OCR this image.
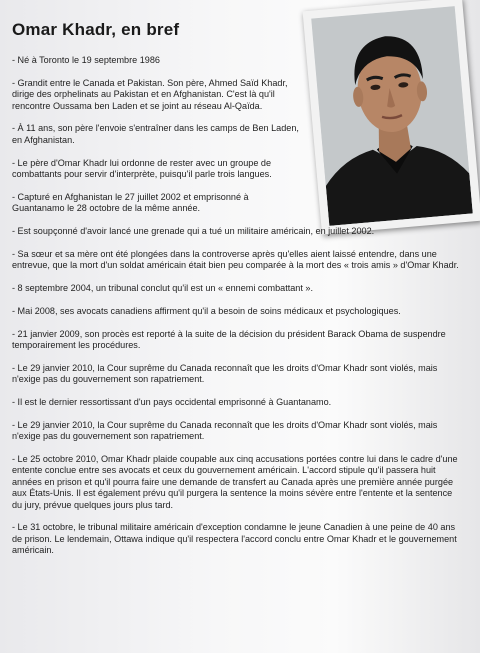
Omar Khadr, en bref
- Né à Toronto le 19 septembre 1986
- Grandit entre le Canada et Pakistan. Son père, Ahmed Saïd Khadr, dirige des orphelinats au Pakistan et en Afghanistan. C'est là qu'il rencontre Oussama ben Laden et se joint au réseau Al-Qaïda.
- À 11 ans, son père l'envoie s'entraîner dans les camps de Ben Laden, en Afghanistan.
- Le père d'Omar Khadr lui ordonne de rester avec un groupe de combattants pour servir d'interprète, puisqu'il parle trois langues.
- Capturé en Afghanistan le 27 juillet 2002 et emprisonné à Guantanamo le 28 octobre de la même année.
- Est soupçonné d'avoir lancé une grenade qui a tué un militaire américain, en juillet 2002.
- Sa sœur et sa mère ont été plongées dans la controverse après qu'elles aient laissé entendre, dans une entrevue, que la mort d'un soldat américain était bien peu comparée à la mort des « trois amis » d'Omar Khadr.
- 8 septembre 2004, un tribunal conclut qu'il est un « ennemi combattant ».
- Mai 2008, ses avocats canadiens affirment qu'il a besoin de soins médicaux et psychologiques.
- 21 janvier 2009, son procès est reporté à la suite de la décision du président Barack Obama de suspendre temporairement les procédures.
- Le 29 janvier 2010, la Cour suprême du Canada reconnaît que les droits d'Omar Khadr sont violés, mais n'exige pas du gouvernement son rapatriement.
- Il est le dernier ressortissant d'un pays occidental emprisonné à Guantanamo.
- Le 29 janvier 2010, la Cour suprême du Canada reconnaît que les droits d'Omar Khadr sont violés, mais n'exige pas du gouvernement son rapatriement.
- Le 25 octobre 2010, Omar Khadr plaide coupable aux cinq accusations portées contre lui dans le cadre d'une entente conclue entre ses avocats et ceux du gouvernement américain. L'accord stipule qu'il passera huit années en prison et qu'il pourra faire une demande de transfert au Canada après une première année purgée aux États-Unis. Il est également prévu qu'il purgera la sentence la moins sévère entre l'entente et la sentence du jury, prévue quelques jours plus tard.
- Le 31 octobre, le tribunal militaire américain d'exception condamne le jeune Canadien à une peine de 40 ans de prison. Le lendemain, Ottawa indique qu'il respectera l'accord conclu entre Omar Khadr et le gouvernement américain.
